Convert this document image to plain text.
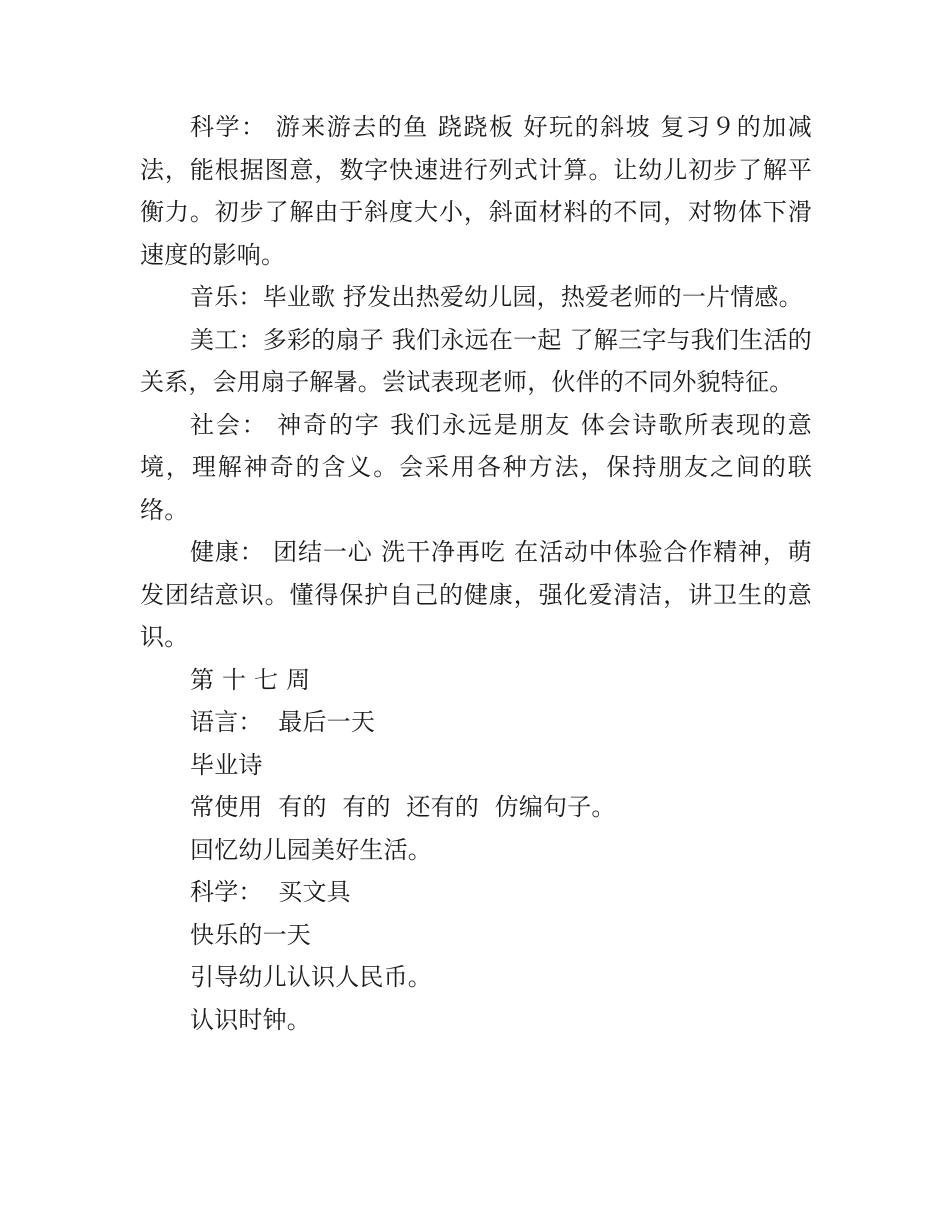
科学： 游来游去的鱼 跷跷板 好玩的斜坡 复习９的加减法，能根据图意，数字快速进行列式计算。让幼儿初步了解平衡力。初步了解由于斜度大小，斜面材料的不同，对物体下滑速度的影响。

音乐：毕业歌 抒发出热爱幼儿园，热爱老师的一片情感。

美工：多彩的扇子 我们永远在一起 了解三字与我们生活的关系，会用扇子解暑。尝试表现老师，伙伴的不同外貌特征。

社会： 神奇的字 我们永远是朋友 体会诗歌所表现的意境，理解神奇的含义。会采用各种方法，保持朋友之间的联络。

健康： 团结一心 洗干净再吃 在活动中体验合作精神，萌发团结意识。懂得保护自己的健康，强化爱清洁，讲卫生的意识。

第 十 七 周

语言：  最后一天

毕业诗

常使用  有的  有的  还有的  仿编句子。

回忆幼儿园美好生活。

科学：  买文具

快乐的一天

引导幼儿认识人民币。

认识时钟。
